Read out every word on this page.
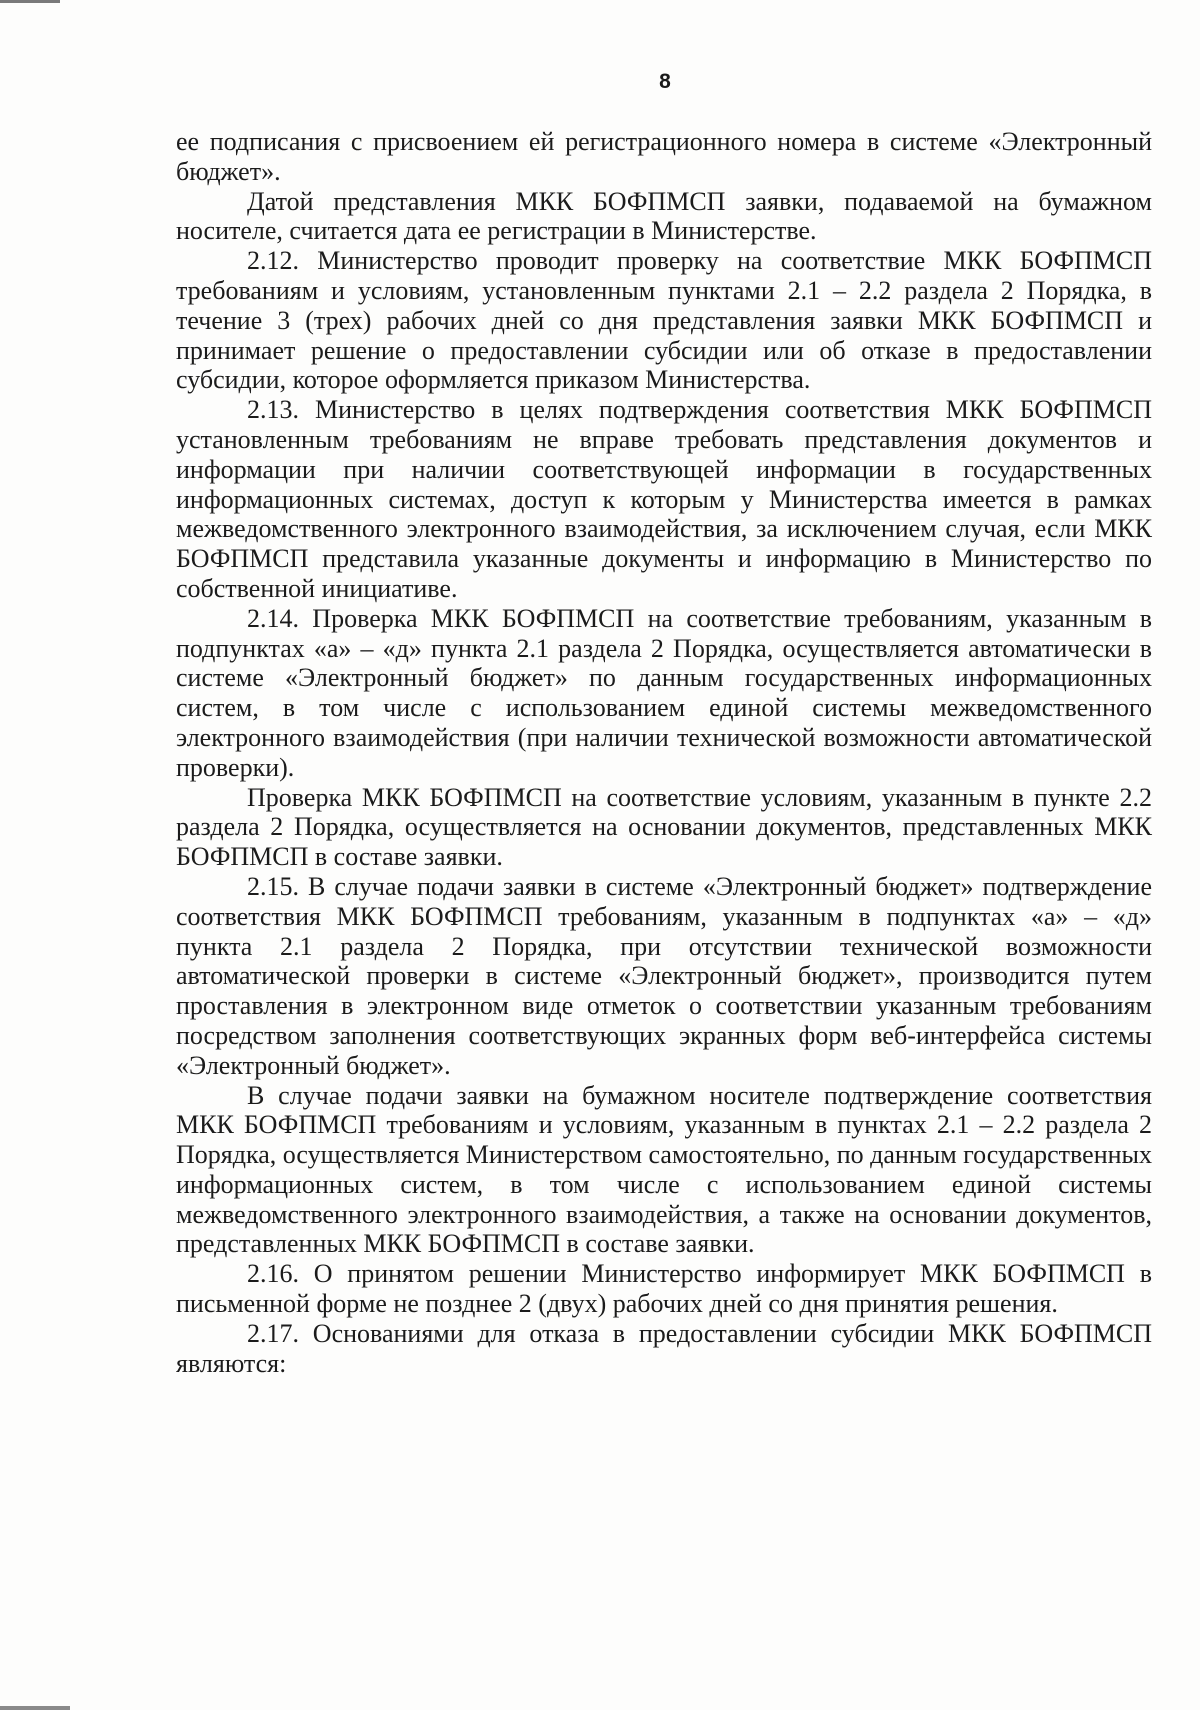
8

ее подписания с присвоением ей регистрационного номера в системе «Электронный бюджет».

Датой представления МКК БОФПМСП заявки, подаваемой на бумажном носителе, считается дата ее регистрации в Министерстве.

2.12. Министерство проводит проверку на соответствие МКК БОФПМСП требованиям и условиям, установленным пунктами 2.1 – 2.2 раздела 2 Порядка, в течение 3 (трех) рабочих дней со дня представления заявки МКК БОФПМСП и принимает решение о предоставлении субсидии или об отказе в предоставлении субсидии, которое оформляется приказом Министерства.

2.13. Министерство в целях подтверждения соответствия МКК БОФПМСП установленным требованиям не вправе требовать представления документов и информации при наличии соответствующей информации в государственных информационных системах, доступ к которым у Министерства имеется в рамках межведомственного электронного взаимодействия, за исключением случая, если МКК БОФПМСП представила указанные документы и информацию в Министерство по собственной инициативе.

2.14. Проверка МКК БОФПМСП на соответствие требованиям, указанным в подпунктах «а» – «д» пункта 2.1 раздела 2 Порядка, осуществляется автоматически в системе «Электронный бюджет» по данным государственных информационных систем, в том числе с использованием единой системы межведомственного электронного взаимодействия (при наличии технической возможности автоматической проверки).

Проверка МКК БОФПМСП на соответствие условиям, указанным в пункте 2.2 раздела 2 Порядка, осуществляется на основании документов, представленных МКК БОФПМСП в составе заявки.

2.15. В случае подачи заявки в системе «Электронный бюджет» подтверждение соответствия МКК БОФПМСП требованиям, указанным в подпунктах «а» – «д» пункта 2.1 раздела 2 Порядка, при отсутствии технической возможности автоматической проверки в системе «Электронный бюджет», производится путем проставления в электронном виде отметок о соответствии указанным требованиям посредством заполнения соответствующих экранных форм веб-интерфейса системы «Электронный бюджет».

В случае подачи заявки на бумажном носителе подтверждение соответствия МКК БОФПМСП требованиям и условиям, указанным в пунктах 2.1 – 2.2 раздела 2 Порядка, осуществляется Министерством самостоятельно, по данным государственных информационных систем, в том числе с использованием единой системы межведомственного электронного взаимодействия, а также на основании документов, представленных МКК БОФПМСП в составе заявки.

2.16. О принятом решении Министерство информирует МКК БОФПМСП в письменной форме не позднее 2 (двух) рабочих дней со дня принятия решения.

2.17. Основаниями для отказа в предоставлении субсидии МКК БОФПМСП являются:
